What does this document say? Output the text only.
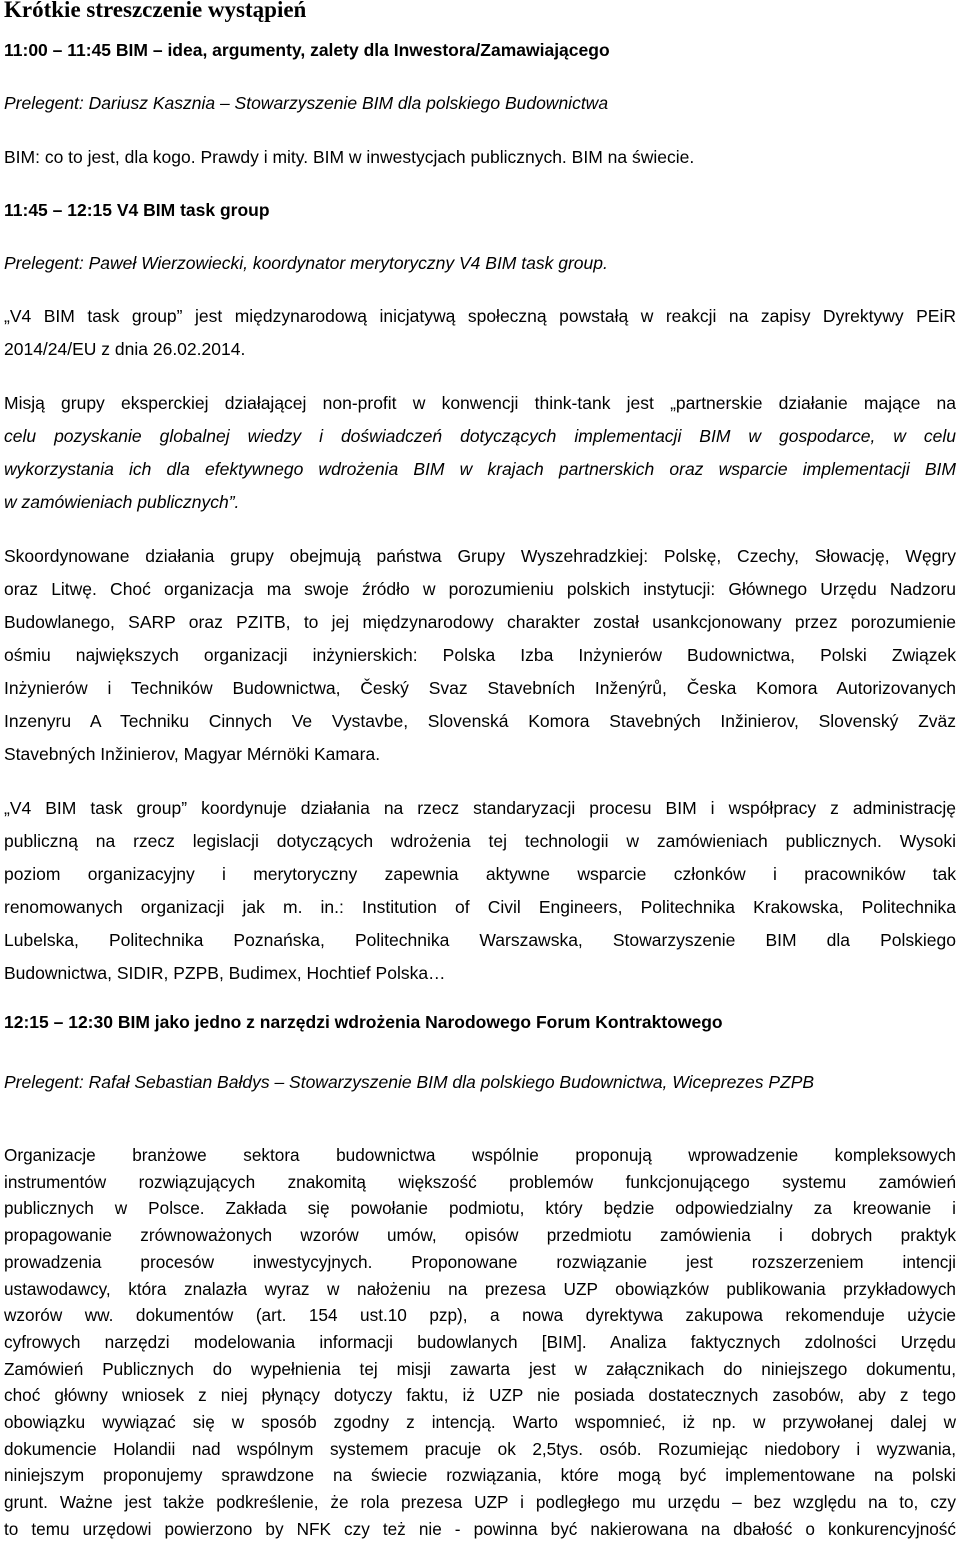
Krótkie streszczenie wystąpień

11:00 – 11:45 BIM – idea, argumenty, zalety dla Inwestora/Zamawiającego

Prelegent: Dariusz Kasznia – Stowarzyszenie BIM dla polskiego Budownictwa

BIM: co to jest, dla kogo. Prawdy i mity. BIM w inwestycjach publicznych. BIM na świecie.

11:45 – 12:15 V4 BIM task group

Prelegent: Paweł Wierzowiecki, koordynator merytoryczny V4 BIM task group.

„V4 BIM task group” jest międzynarodową inicjatywą społeczną powstałą w reakcji na zapisy Dyrektywy PEiR
2014/24/EU z dnia 26.02.2014.
Misją grupy eksperckiej działającej non-profit w konwencji think-tank jest „partnerskie działanie mające na
celu pozyskanie globalnej wiedzy i doświadczeń dotyczących implementacji BIM w gospodarce, w celu
wykorzystania ich dla efektywnego wdrożenia BIM w krajach partnerskich oraz wsparcie implementacji BIM
w zamówieniach publicznych”.
Skoordynowane działania grupy obejmują państwa Grupy Wyszehradzkiej: Polskę, Czechy, Słowację, Węgry
oraz Litwę. Choć organizacja ma swoje źródło w porozumieniu polskich instytucji: Głównego Urzędu Nadzoru
Budowlanego, SARP oraz PZITB, to jej międzynarodowy charakter został usankcjonowany przez porozumienie
ośmiu największych organizacji inżynierskich: Polska Izba Inżynierów Budownictwa, Polski Związek
Inżynierów i Techników Budownictwa, Český Svaz Stavebních Inženýrů, Česka Komora Autorizovanych
Inzenyru A Techniku Cinnych Ve Vystavbe, Slovenská Komora Stavebných Inžinierov, Slovenský Zväz
Stavebných Inžinierov, Magyar Mérnöki Kamara.
„V4 BIM task group” koordynuje działania na rzecz standaryzacji procesu BIM i współpracy z administrację
publiczną na rzecz legislacji dotyczących wdrożenia tej technologii w zamówieniach publicznych. Wysoki
poziom organizacyjny i merytoryczny zapewnia aktywne wsparcie członków i pracowników tak
renomowanych organizacji jak m. in.: Institution of Civil Engineers, Politechnika Krakowska, Politechnika
Lubelska, Politechnika Poznańska, Politechnika Warszawska, Stowarzyszenie BIM dla Polskiego
Budownictwa, SIDIR, PZPB, Budimex, Hochtief Polska…

12:15 – 12:30 BIM jako jedno z narzędzi wdrożenia Narodowego Forum Kontraktowego

Prelegent: Rafał Sebastian Bałdys – Stowarzyszenie BIM dla polskiego Budownictwa, Wiceprezes PZPB

Organizacje branżowe sektora budownictwa wspólnie proponują wprowadzenie kompleksowych
instrumentów rozwiązujących znakomitą większość problemów funkcjonującego systemu zamówień
publicznych w Polsce. Zakłada się powołanie podmiotu, który będzie odpowiedzialny za kreowanie i
propagowanie zrównoważonych wzorów umów, opisów przedmiotu zamówienia i dobrych praktyk
prowadzenia procesów inwestycyjnych. Proponowane rozwiązanie jest rozszerzeniem intencji
ustawodawcy, która znalazła wyraz w nałożeniu na prezesa UZP obowiązków publikowania przykładowych
wzorów ww. dokumentów (art. 154 ust.10 pzp), a nowa dyrektywa zakupowa rekomenduje użycie
cyfrowych narzędzi modelowania informacji budowlanych [BIM]. Analiza faktycznych zdolności Urzędu
Zamówień Publicznych do wypełnienia tej misji zawarta jest w załącznikach do niniejszego dokumentu,
choć główny wniosek z niej płynący dotyczy faktu, iż UZP nie posiada dostatecznych zasobów, aby z tego
obowiązku wywiązać się w sposób zgodny z intencją. Warto wspomnieć, iż np. w przywołanej dalej w
dokumencie Holandii nad wspólnym systemem pracuje ok 2,5tys. osób. Rozumiejąc niedobory i wyzwania,
niniejszym proponujemy sprawdzone na świecie rozwiązania, które mogą być implementowane na polski
grunt. Ważne jest także podkreślenie, że rola prezesa UZP i podległego mu urzędu – bez względu na to, czy
to temu urzędowi powierzono by NFK czy też nie - powinna być nakierowana na dbałość o konkurencyjność
